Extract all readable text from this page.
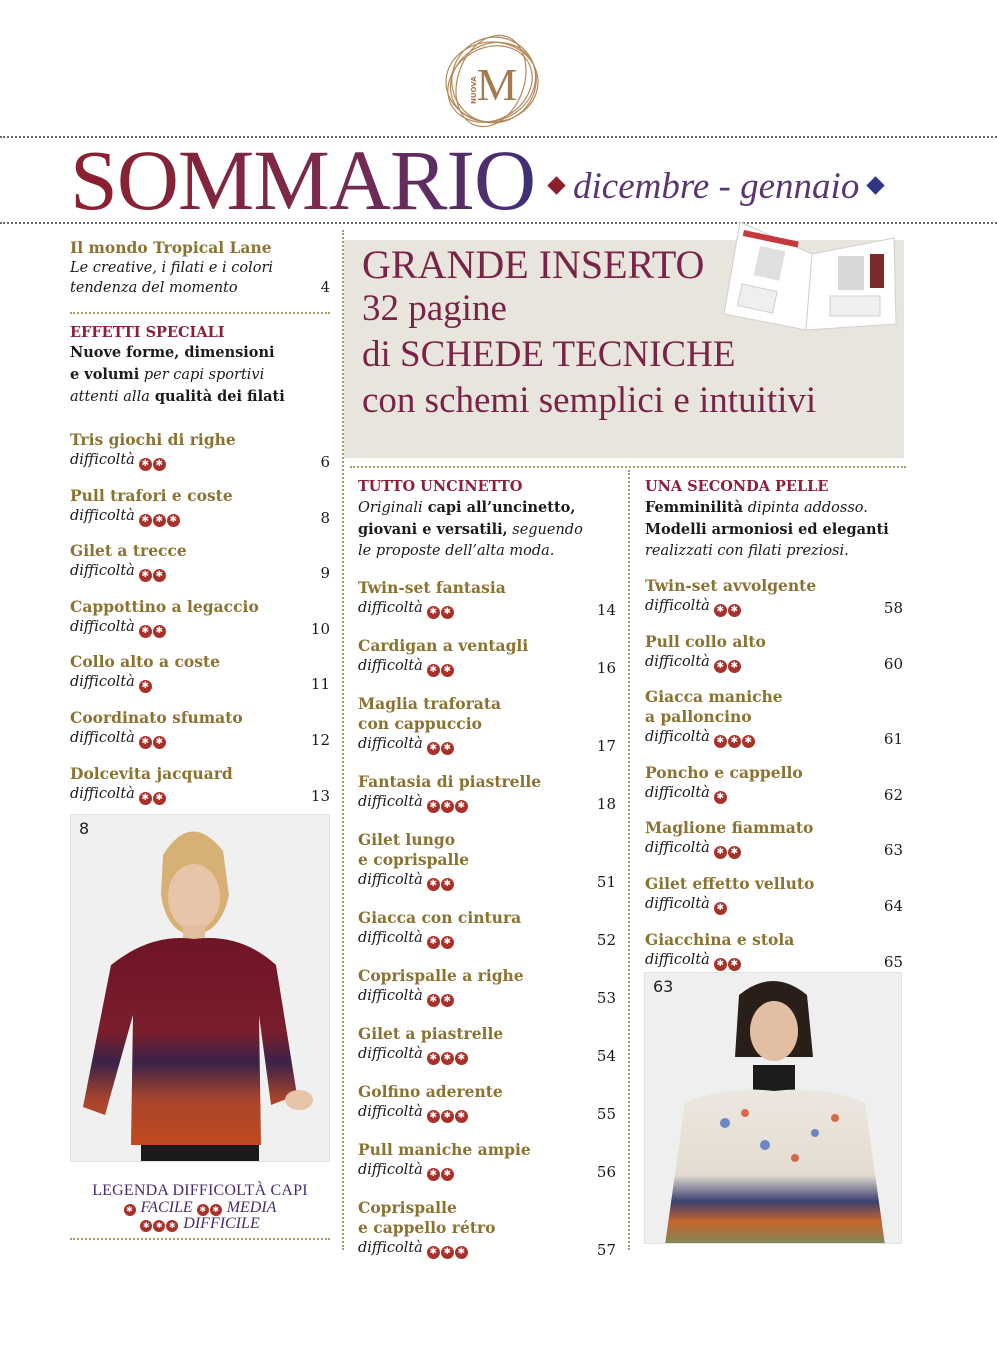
M
NUOVA
SOMMARIO	dicembre - gennaio
Il mondo Tropical Lane
Le creative, i filati e i colori
tendenza del momento	4
EFFETTI SPECIALI
Nuove forme, dimensioni
e volumi per capi sportivi
attenti alla qualità dei filati
Tris giochi di righe
difficoltà ✱ ✱	6
Pull trafori e coste
difficoltà ✱ ✱ ✱	8
Gilet a trecce
difficoltà ✱ ✱	9
Cappottino a legaccio
difficoltà ✱ ✱	10
Collo alto a coste
difficoltà ✱	11
Coordinato sfumato
difficoltà ✱ ✱	12
Dolcevita jacquard
difficoltà ✱ ✱	13
8
LEGENDA DIFFICOLTÀ CAPI
✱ FACILE ✱ ✱ MEDIA
✱ ✱ ✱ DIFFICILE
GRANDE INSERTO
32 pagine
di SCHEDE TECNICHE
con schemi semplici e intuitivi
TUTTO UNCINETTO
Originali capi all’uncinetto,
giovani e versatili, seguendo
le proposte dell’alta moda.
Twin-set fantasia
difficoltà ✱ ✱	14
Cardigan a ventagli
difficoltà ✱ ✱	16
Maglia traforata
con cappuccio
difficoltà ✱ ✱	17
Fantasia di piastrelle
difficoltà ✱ ✱ ✱	18
Gilet lungo
e coprispalle
difficoltà ✱ ✱	51
Giacca con cintura
difficoltà ✱ ✱	52
Coprispalle a righe
difficoltà ✱ ✱	53
Gilet a piastrelle
difficoltà ✱ ✱ ✱	54
Golfino aderente
difficoltà ✱ ✱ ✱	55
Pull maniche ampie
difficoltà ✱ ✱	56
Coprispalle
e cappello rétro
difficoltà ✱ ✱ ✱	57
UNA SECONDA PELLE
Femminilità dipinta addosso.
Modelli armoniosi ed eleganti
realizzati con filati preziosi.
Twin-set avvolgente
difficoltà ✱ ✱	58
Pull collo alto
difficoltà ✱ ✱	60
Giacca maniche
a palloncino
difficoltà ✱ ✱ ✱	61
Poncho e cappello
difficoltà ✱	62
Maglione fiammato
difficoltà ✱ ✱	63
Gilet effetto velluto
difficoltà ✱	64
Giacchina e stola
difficoltà ✱ ✱	65
63
